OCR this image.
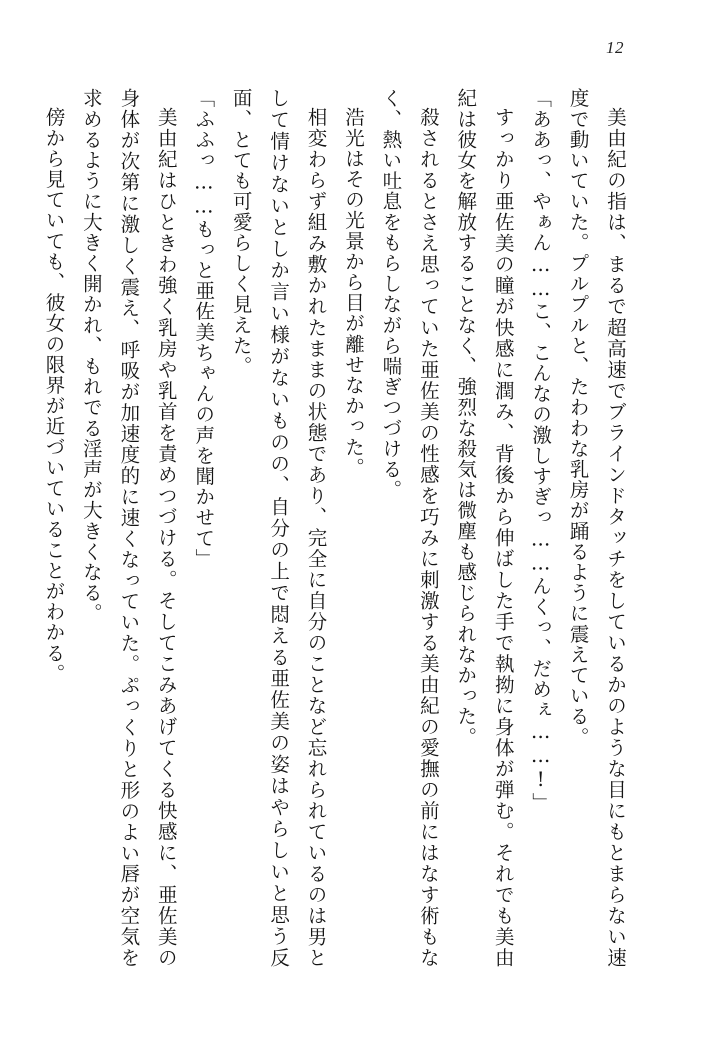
12

美由紀の指は、まるで超高速でブラインドタッチをしているかのような目にもとまらない速度で動いていた。プルプルと、たわわな乳房が踊るように震えている。

「ああっ、やぁん……こ、こんなの激しすぎっ……んくっ、だめぇ……!」

すっかり亜佐美の瞳が快感に潤み、背後から伸ばした手で執拗に身体が弾む。それでも美由紀は彼女を解放することなく、強烈な殺気は微塵も感じられなかった。

殺されるとさえ思っていた亜佐美の性感を巧みに刺激する美由紀の愛撫の前にはなす術もなく、熱い吐息をもらしながら喘ぎつづける。

浩光はその光景から目が離せなかった。

相変わらず組み敷かれたままの状態であり、完全に自分のことなど忘れられているのは男として情けないとしか言い様がないものの、自分の上で悶える亜佐美の姿はやらしいと思う反面、とても可愛らしく見えた。

「ふふっ……もっと亜佐美ちゃんの声を聞かせて」

美由紀はひときわ強く乳房や乳首を責めつづける。そしてこみあげてくる快感に、亜佐美の身体が次第に激しく震え、呼吸が加速度的に速くなっていた。ぷっくりと形のよい唇が空気を求めるように大きく開かれ、もれでる淫声が大きくなる。

傍から見ていても、彼女の限界が近づいていることがわかる。
